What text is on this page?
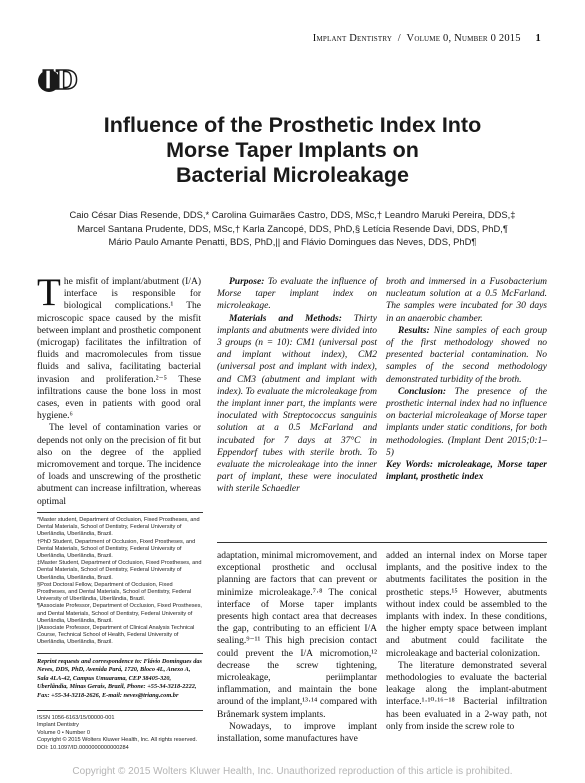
Implant Dentistry  /  Volume 0, Number 0 2015 1
ID
Influence of the Prosthetic Index Into
Morse Taper Implants on
Bacterial Microleakage
Caio César Dias Resende, DDS,* Carolina Guimarães Castro, DDS, MSc,† Leandro Maruki Pereira, DDS,‡
Marcel Santana Prudente, DDS, MSc,† Karla Zancopé, DDS, PhD,§ Letícia Resende Davi, DDS, PhD,¶
Mário Paulo Amante Penatti, BDS, PhD,|| and Flávio Domingues das Neves, DDS, PhD¶

The misfit of implant/abutment (I/A) interface is responsible for biological complications.¹ The microscopic space caused by the misfit between implant and prosthetic component (microgap) facilitates the infiltration of fluids and macromolecules from tissue fluids and saliva, facilitating bacterial invasion and proliferation.²⁻⁵ These infiltrations cause the bone loss in most cases, even in patients with good oral hygiene.⁶

The level of contamination varies or depends not only on the precision of fit but also on the degree of the applied micromovement and torque. The incidence of loads and unscrewing of the prosthetic abutment can increase infiltration, whereas optimal

Purpose: To evaluate the influence of Morse taper implant index on microleakage.

Materials and Methods: Thirty implants and abutments were divided into 3 groups (n = 10): CM1 (universal post and implant without index), CM2 (universal post and implant with index), and CM3 (abutment and implant with index). To evaluate the microleakage from the implant inner part, the implants were inoculated with Streptococcus sanguinis solution at a 0.5 McFarland and incubated for 7 days at 37°C in Eppendorf tubes with sterile broth. To evaluate the microleakage into the inner part of implant, these were inoculated with sterile Schaedler

broth and immersed in a Fusobacterium nucleatum solution at a 0.5 McFarland. The samples were incubated for 30 days in an anaerobic chamber.

Results: Nine samples of each group of the first methodology showed no presented bacterial contamination. No samples of the second methodology demonstrated turbidity of the broth.

Conclusion: The presence of the prosthetic internal index had no influence on bacterial microleakage of Morse taper implants under static conditions, for both methodologies. (Implant Dent 2015;0:1–5)

Key Words: microleakage, Morse taper implant, prosthetic index

adaptation, minimal micromovement, and exceptional prosthetic and occlusal planning are factors that can prevent or minimize microleakage.⁷·⁸ The conical interface of Morse taper implants presents high contact area that decreases the gap, contributing to an efficient I/A sealing.⁹⁻¹¹ This high precision contact could prevent the I/A micromotion,¹² decrease the screw tightening, microleakage, periimplantar inflammation, and maintain the bone around of the implant,¹³·¹⁴ compared with Brånemark system implants.

Nowadays, to improve implant installation, some manufactures have

added an internal index on Morse taper implants, and the positive index to the abutments facilitates the position in the prosthetic steps.¹⁵ However, abutments without index could be assembled to the implants with index. In these conditions, the higher empty space between implant and abutment could facilitate the microleakage and bacterial colonization.

The literature demonstrated several methodologies to evaluate the bacterial leakage along the implant-abutment interface.¹·¹⁰·¹⁶⁻¹⁸ Bacterial infiltration has been evaluated in a 2-way path, not only from inside the screw role to

*Master student, Department of Occlusion, Fixed Prostheses, and Dental Materials, School of Dentistry, Federal University of Uberlândia, Uberlândia, Brazil.

†PhD Student, Department of Occlusion, Fixed Prostheses, and Dental Materials, School of Dentistry, Federal University of Uberlândia, Uberlândia, Brazil.

‡Master Student, Department of Occlusion, Fixed Prostheses, and Dental Materials, School of Dentistry, Federal University of Uberlândia, Uberlândia, Brazil.

§Post Doctoral Fellow, Department of Occlusion, Fixed Prostheses, and Dental Materials, School of Dentistry, Federal University of Uberlândia, Uberlândia, Brazil.

¶Associate Professor, Department of Occlusion, Fixed Prostheses, and Dental Materials, School of Dentistry, Federal University of Uberlândia, Uberlândia, Brazil.

||Associate Professor, Department of Clinical Analysis Technical Course, Technical School of Health, Federal University of Uberlândia, Uberlândia, Brazil.

Reprint requests and correspondence to: Flávio Domingues das Neves, DDS, PhD, Avenida Pará, 1720, Bloco 4L, Anexo A, Sala 4LA-42, Campus Umuarama, CEP 38405-320, Uberlândia, Minas Gerais, Brazil, Phone: +55-34-3218-2222, Fax: +55-34-3218-2626, E-mail: neves@triang.com.br
ISSN 1056-6163/15/00000-001
Implant Dentistry
Volume 0 • Number 0
Copyright © 2015 Wolters Kluwer Health, Inc. All rights reserved.
DOI: 10.1097/ID.0000000000000284
Copyright © 2015 Wolters Kluwer Health, Inc. Unauthorized reproduction of this article is prohibited.
